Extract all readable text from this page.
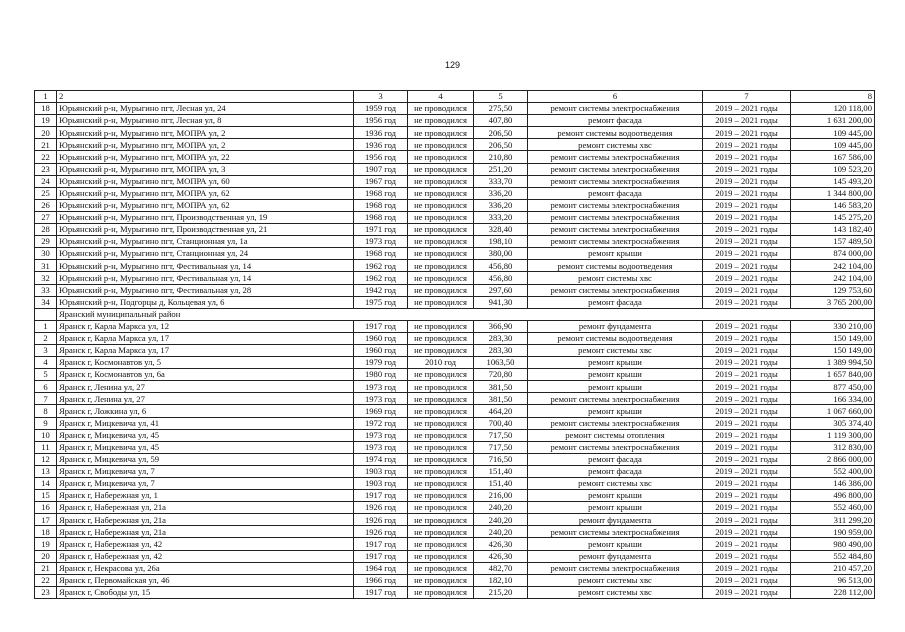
129
1	2	3	4	5	6	7	8
18	Юрьянский р-н, Мурыгино пгт, Лесная ул, 24	1959 год	не проводился	275,50	ремонт системы электроснабжения	2019 – 2021 годы	120 118,00
19	Юрьянский р-н, Мурыгино пгт, Лесная ул, 8	1956 год	не проводился	407,80	ремонт фасада	2019 – 2021 годы	1 631 200,00
20	Юрьянский р-н, Мурыгино пгт, МОПРА ул, 2	1936 год	не проводился	206,50	ремонт системы водоотведения	2019 – 2021 годы	109 445,00
21	Юрьянский р-н, Мурыгино пгт, МОПРА ул, 2	1936 год	не проводился	206,50	ремонт системы хвс	2019 – 2021 годы	109 445,00
22	Юрьянский р-н, Мурыгино пгт, МОПРА ул, 22	1956 год	не проводился	210,80	ремонт системы электроснабжения	2019 – 2021 годы	167 586,00
23	Юрьянский р-н, Мурыгино пгт, МОПРА ул, 3	1907 год	не проводился	251,20	ремонт системы электроснабжения	2019 – 2021 годы	109 523,20
24	Юрьянский р-н, Мурыгино пгт, МОПРА ул, 60	1967 год	не проводился	333,70	ремонт системы электроснабжения	2019 – 2021 годы	145 493,20
25	Юрьянский р-н, Мурыгино пгт, МОПРА ул, 62	1968 год	не проводился	336,20	ремонт фасада	2019 – 2021 годы	1 344 800,00
26	Юрьянский р-н, Мурыгино пгт, МОПРА ул, 62	1968 год	не проводился	336,20	ремонт системы электроснабжения	2019 – 2021 годы	146 583,20
27	Юрьянский р-н, Мурыгино пгт, Производственная ул, 19	1968 год	не проводился	333,20	ремонт системы электроснабжения	2019 – 2021 годы	145 275,20
28	Юрьянский р-н, Мурыгино пгт, Производственная ул, 21	1971 год	не проводился	328,40	ремонт системы электроснабжения	2019 – 2021 годы	143 182,40
29	Юрьянский р-н, Мурыгино пгт, Станционная ул, 1а	1973 год	не проводился	198,10	ремонт системы электроснабжения	2019 – 2021 годы	157 489,50
30	Юрьянский р-н, Мурыгино пгт, Станционная ул, 24	1968 год	не проводился	380,00	ремонт крыши	2019 – 2021 годы	874 000,00
31	Юрьянский р-н, Мурыгино пгт, Фестивальная ул, 14	1962 год	не проводился	456,80	ремонт системы водоотведения	2019 – 2021 годы	242 104,00
32	Юрьянский р-н, Мурыгино пгт, Фестивальная ул, 14	1962 год	не проводился	456,80	ремонт системы хвс	2019 – 2021 годы	242 104,00
33	Юрьянский р-н, Мурыгино пгт, Фестивальная ул, 28	1942 год	не проводился	297,60	ремонт системы электроснабжения	2019 – 2021 годы	129 753,60
34	Юрьянский р-н, Подгорцы д, Кольцевая ул, 6	1975 год	не проводился	941,30	ремонт фасада	2019 – 2021 годы	3 765 200,00
	Яранский муниципальный район						
1	Яранск г, Карла Маркса ул, 12	1917 год	не проводился	366,90	ремонт фундамента	2019 – 2021 годы	330 210,00
2	Яранск г, Карла Маркса ул, 17	1960 год	не проводился	283,30	ремонт системы водоотведения	2019 – 2021 годы	150 149,00
3	Яранск г, Карла Маркса ул, 17	1960 год	не проводился	283,30	ремонт системы хвс	2019 – 2021 годы	150 149,00
4	Яранск г, Космонавтов ул, 5	1979 год	2010 год	1063,50	ремонт крыши	2019 – 2021 годы	1 389 994,50
5	Яранск г, Космонавтов ул, 6а	1980 год	не проводился	720,80	ремонт крыши	2019 – 2021 годы	1 657 840,00
6	Яранск г, Ленина ул, 27	1973 год	не проводился	381,50	ремонт крыши	2019 – 2021 годы	877 450,00
7	Яранск г, Ленина ул, 27	1973 год	не проводился	381,50	ремонт системы электроснабжения	2019 – 2021 годы	166 334,00
8	Яранск г, Ложкина ул, 6	1969 год	не проводился	464,20	ремонт крыши	2019 – 2021 годы	1 067 660,00
9	Яранск г, Мицкевича ул, 41	1972 год	не проводился	700,40	ремонт системы электроснабжения	2019 – 2021 годы	305 374,40
10	Яранск г, Мицкевича ул, 45	1973 год	не проводился	717,50	ремонт системы отопления	2019 – 2021 годы	1 119 300,00
11	Яранск г, Мицкевича ул, 45	1973 год	не проводился	717,50	ремонт системы электроснабжения	2019 – 2021 годы	312 830,00
12	Яранск г, Мицкевича ул, 59	1974 год	не проводился	716,50	ремонт фасада	2019 – 2021 годы	2 866 000,00
13	Яранск г, Мицкевича ул, 7	1903 год	не проводился	151,40	ремонт фасада	2019 – 2021 годы	552 400,00
14	Яранск г, Мицкевича ул, 7	1903 год	не проводился	151,40	ремонт системы хвс	2019 – 2021 годы	146 386,00
15	Яранск г, Набережная ул, 1	1917 год	не проводился	216,00	ремонт крыши	2019 – 2021 годы	496 800,00
16	Яранск г, Набережная ул, 21а	1926 год	не проводился	240,20	ремонт крыши	2019 – 2021 годы	552 460,00
17	Яранск г, Набережная ул, 21а	1926 год	не проводился	240,20	ремонт фундамента	2019 – 2021 годы	311 299,20
18	Яранск г, Набережная ул, 21а	1926 год	не проводился	240,20	ремонт системы электроснабжения	2019 – 2021 годы	190 959,00
19	Яранск г, Набережная ул, 42	1917 год	не проводился	426,30	ремонт крыши	2019 – 2021 годы	980 490,00
20	Яранск г, Набережная ул, 42	1917 год	не проводился	426,30	ремонт фундамента	2019 – 2021 годы	552 484,80
21	Яранск г, Некрасова ул, 26а	1964 год	не проводился	482,70	ремонт системы электроснабжения	2019 – 2021 годы	210 457,20
22	Яранск г, Первомайская ул, 46	1966 год	не проводился	182,10	ремонт системы хвс	2019 – 2021 годы	96 513,00
23	Яранск г, Свободы ул, 15	1917 год	не проводился	215,20	ремонт системы хвс	2019 – 2021 годы	228 112,00
